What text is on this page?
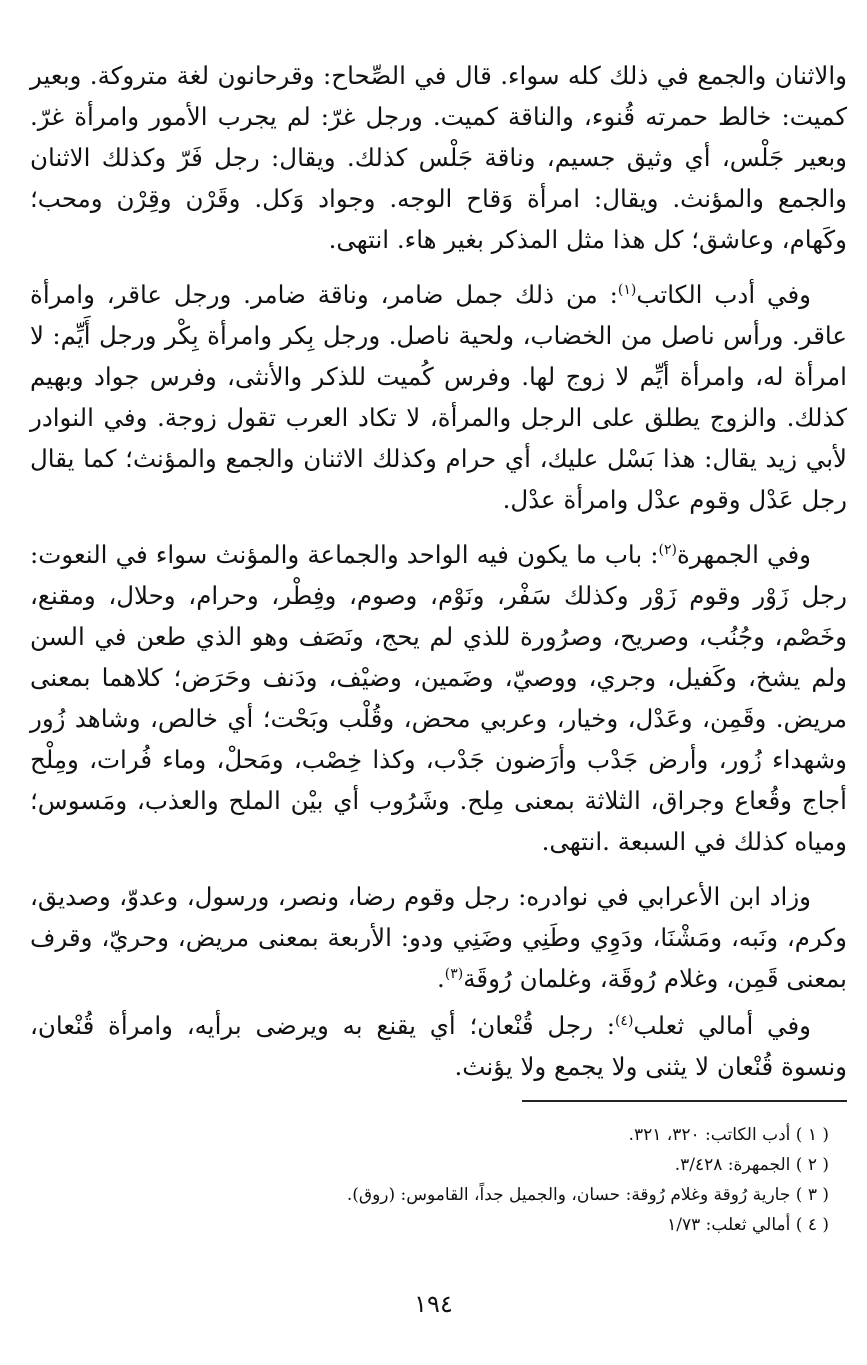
والاثنان والجمع في ذلك كله سواء. قال في الصِّحاح: وقرحانون لغة متروكة. وبعير كميت: خالط حمرته قُنوء، والناقة كميت. ورجل غرّ: لم يجرب الأمور وامرأة غرّ. وبعير جَلْس، أي وثيق جسيم، وناقة جَلْس كذلك. ويقال: رجل فَرّ وكذلك الاثنان والجمع والمؤنث. ويقال: امرأة وَقاح الوجه. وجواد وَكل. وقَرْن وقِرْن ومحب؛ وكَهام، وعاشق؛ كل هذا مثل المذكر بغير هاء. انتهى.

وفي أدب الكاتب$^{(١)}$: من ذلك جمل ضامر، وناقة ضامر. ورجل عاقر، وامرأة عاقر. ورأس ناصل من الخضاب، ولحية ناصل. ورجل بِكر وامرأة بِكْر ورجل أَيِّم: لا امرأة له، وامرأة أيِّم لا زوج لها. وفرس كُميت للذكر والأنثى، وفرس جواد وبهيم كذلك. والزوج يطلق على الرجل والمرأة، لا تكاد العرب تقول زوجة. وفي النوادر لأبي زيد يقال: هذا بَسْل عليك، أي حرام وكذلك الاثنان والجمع والمؤنث؛ كما يقال رجل عَدْل وقوم عدْل وامرأة عدْل.

وفي الجمهرة$^{(٢)}$: باب ما يكون فيه الواحد والجماعة والمؤنث سواء في النعوت: رجل زَوْر وقوم زَوْر وكذلك سَفْر، ونَوْم، وصوم، وفِطْر، وحرام، وحلال، ومقنع، وخَصْم، وجُنُب، وصريح، وصرُورة للذي لم يحج، ونَصَف وهو الذي طعن في السن ولم يشخ، وكَفيل، وجري، ووصيّ، وضَمين، وضيْف، ودَنف وحَرَض؛ كلاهما بمعنى مريض. وقَمِن، وعَدْل، وخيار، وعربي محض، وقُلْب وبَحْت؛ أي خالص، وشاهد زُور وشهداء زُور، وأرض جَدْب وأرَضون جَدْب، وكذا خِصْب، ومَحلْ، وماء فُرات، ومِلْح أجاج وقُعاع وجراق، الثلاثة بمعنى مِلح. وشَرُوب أي بيْن الملح والعذب، ومَسوس؛ ومياه كذلك في السبعة .انتهى.

وزاد ابن الأعرابي في نوادره: رجل وقوم رضا، ونصر، ورسول، وعدوّ، وصديق، وكرم، ونَبه، ومَشْنَا، ودَوِي وطَنِي وضَنِي ودو: الأربعة بمعنى مريض، وحريّ، وقرف بمعنى قَمِن، وغلام رُوقَة، وغلمان رُوقَة$^{(٣)}$.

وفي أمالي ثعلب$^{(٤)}$: رجل قُنْعان؛ أي يقنع به ويرضى برأيه، وامرأة قُنْعان، ونسوة قُنْعان لا يثنى ولا يجمع ولا يؤنث.

( ١ ) أدب الكاتب: ٣٢٠، ٣٢١.

( ٢ ) الجمهرة: ٣/٤٢٨.

( ٣ ) جارية رُوقة وغلام رُوقة: حسان، والجميل جداً، القاموس: (روق).

( ٤ ) أمالي ثعلب: ١/٧٣

١٩٤
